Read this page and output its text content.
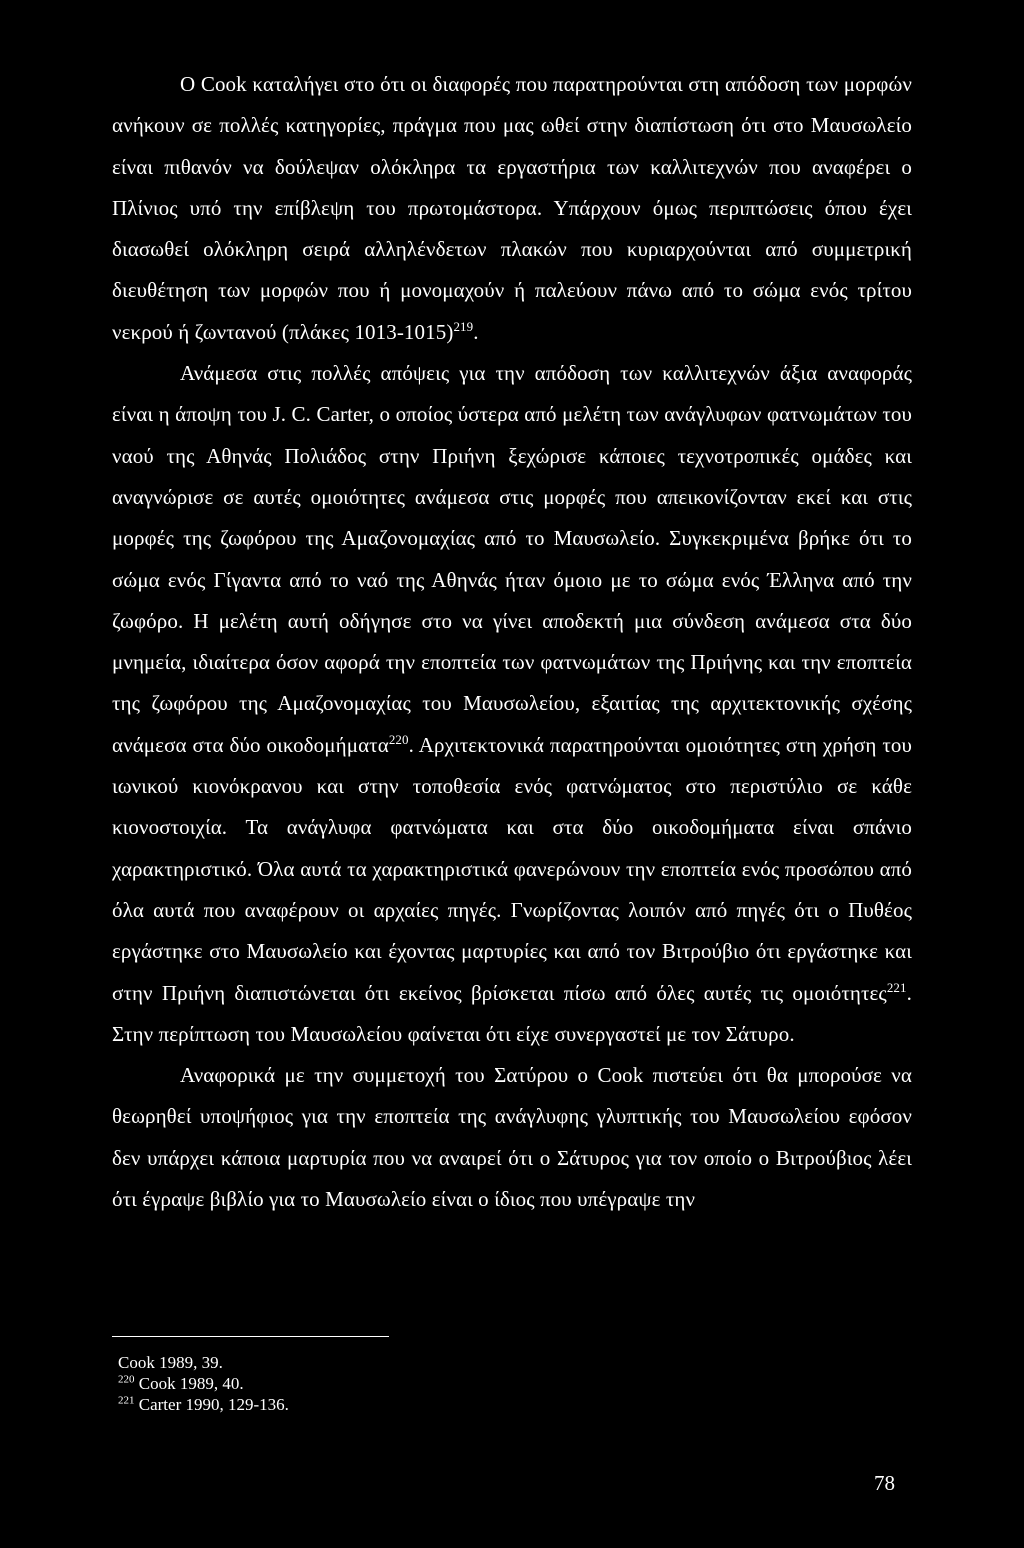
Ο Cook καταλήγει στο ότι οι διαφορές που παρατηρούνται στη απόδοση των μορφών ανήκουν σε πολλές κατηγορίες, πράγμα που μας ωθεί στην διαπίστωση ότι στο Μαυσωλείο είναι πιθανόν να δούλεψαν ολόκληρα τα εργαστήρια των καλλιτεχνών που αναφέρει ο Πλίνιος υπό την επίβλεψη του πρωτομάστορα. Υπάρχουν όμως περιπτώσεις όπου έχει διασωθεί ολόκληρη σειρά αλληλένδετων πλακών που κυριαρχούνται από συμμετρική διευθέτηση των μορφών που ή μονομαχούν ή παλεύουν πάνω από το σώμα ενός τρίτου νεκρού ή ζωντανού (πλάκες 1013-1015)$^{219}$.

Ανάμεσα στις πολλές απόψεις για την απόδοση των καλλιτεχνών άξια αναφοράς είναι η άποψη του J. C. Carter, ο οποίος ύστερα από μελέτη των ανάγλυφων φατνωμάτων του ναού της Αθηνάς Πολιάδος στην Πριήνη ξεχώρισε κάποιες τεχνοτροπικές ομάδες και αναγνώρισε σε αυτές ομοιότητες ανάμεσα στις μορφές που απεικονίζονταν εκεί και στις μορφές της ζωφόρου της Αμαζονομαχίας από το Μαυσωλείο. Συγκεκριμένα βρήκε ότι το σώμα ενός Γίγαντα από το ναό της Αθηνάς ήταν όμοιο με το σώμα ενός Έλληνα από την ζωφόρο. Η μελέτη αυτή οδήγησε στο να γίνει αποδεκτή μια σύνδεση ανάμεσα στα δύο μνημεία, ιδιαίτερα όσον αφορά την εποπτεία των φατνωμάτων της Πριήνης και την εποπτεία της ζωφόρου της Αμαζονομαχίας του Μαυσωλείου, εξαιτίας της αρχιτεκτονικής σχέσης ανάμεσα στα δύο οικοδομήματα$^{220}$. Αρχιτεκτονικά παρατηρούνται ομοιότητες στη χρήση του ιωνικού κιονόκρανου και στην τοποθεσία ενός φατνώματος στο περιστύλιο σε κάθε κιονοστοιχία. Τα ανάγλυφα φατνώματα και στα δύο οικοδομήματα είναι σπάνιο χαρακτηριστικό. Όλα αυτά τα χαρακτηριστικά φανερώνουν την εποπτεία ενός προσώπου από όλα αυτά που αναφέρουν οι αρχαίες πηγές. Γνωρίζοντας λοιπόν από πηγές ότι ο Πυθέος εργάστηκε στο Μαυσωλείο και έχοντας μαρτυρίες και από τον Βιτρούβιο ότι εργάστηκε και στην Πριήνη διαπιστώνεται ότι εκείνος βρίσκεται πίσω από όλες αυτές τις ομοιότητες$^{221}$. Στην περίπτωση του Μαυσωλείου φαίνεται ότι είχε συνεργαστεί με τον Σάτυρο.

Αναφορικά με την συμμετοχή του Σατύρου ο Cook πιστεύει ότι θα μπορούσε να θεωρηθεί υποψήφιος για την εποπτεία της ανάγλυφης γλυπτικής του Μαυσωλείου εφόσον δεν υπάρχει κάποια μαρτυρία που να αναιρεί ότι ο Σάτυρος για τον οποίο ο Βιτρούβιος λέει ότι έγραψε βιβλίο για το Μαυσωλείο είναι ο ίδιος που υπέγραψε την

Cook 1989, 39.

$^{220}$ Cook 1989, 40.

$^{221}$ Carter 1990, 129-136.

78
